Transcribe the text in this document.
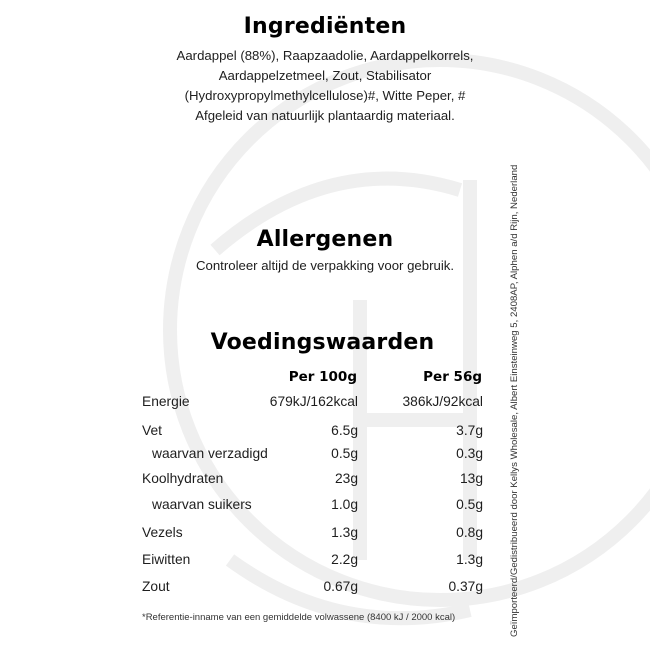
Ingrediënten
Aardappel (88%), Raapzaadolie, Aardappelkorrels,
Aardappelzetmeel, Zout, Stabilisator
(Hydroxypropylmethylcellulose)#, Witte Peper, #
Afgeleid van natuurlijk plantaardig materiaal.
Allergenen
Controleer altijd de verpakking voor gebruik.
Voedingswaarden
Per 100g	Per 56g
Energie	679kJ/162kcal	386kJ/92kcal
Vet	6.5g	3.7g
waarvan verzadigd	0.5g	0.3g
Koolhydraten	23g	13g
waarvan suikers	1.0g	0.5g
Vezels	1.3g	0.8g
Eiwitten	2.2g	1.3g
Zout	0.67g	0.37g
*Referentie-inname van een gemiddelde volwassene (8400 kJ / 2000 kcal)	Geïmporteerd/Gedistribueerd door Kellys Wholesale, Albert Einsteinweg 5, 2408AP, Alphen a/d Rijn, Nederland
